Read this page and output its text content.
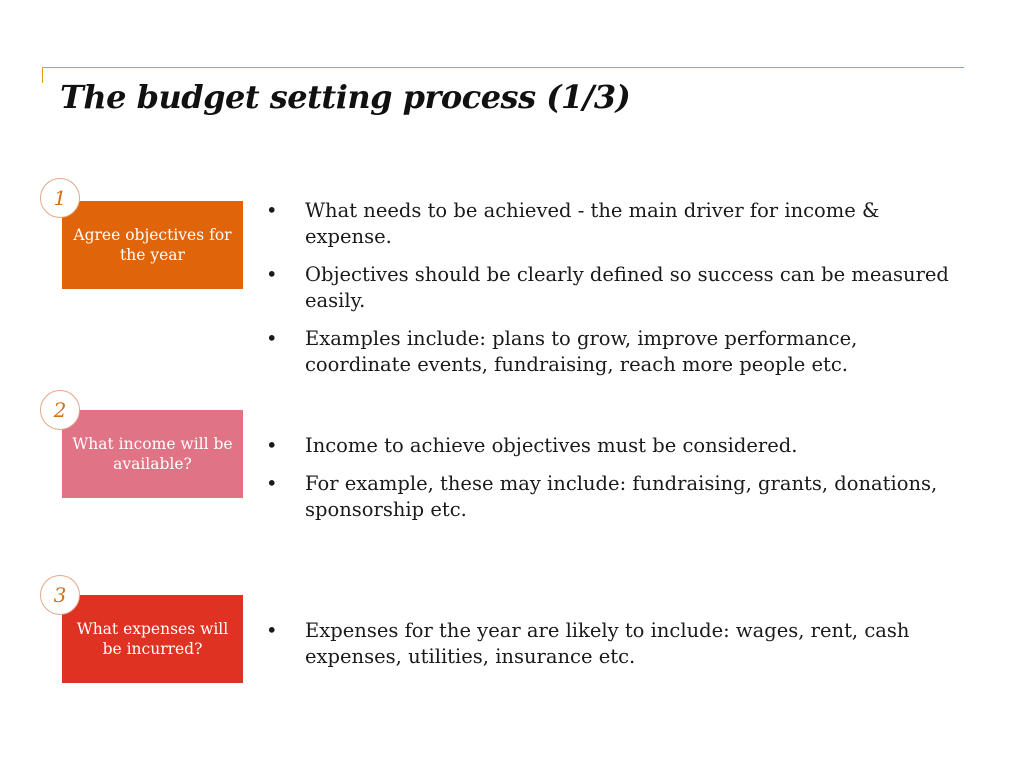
The budget setting process (1/3)
1
Agree objectives for the year
• What needs to be achieved - the main driver for income & expense.
• Objectives should be clearly defined so success can be measured easily.
• Examples include: plans to grow, improve performance, coordinate events, fundraising, reach more people etc.
2
What income will be available?
• Income to achieve objectives must be considered.
• For example, these may include: fundraising, grants, donations, sponsorship etc.
3
What expenses will be incurred?
• Expenses for the year are likely to include: wages, rent, cash expenses, utilities, insurance etc.
